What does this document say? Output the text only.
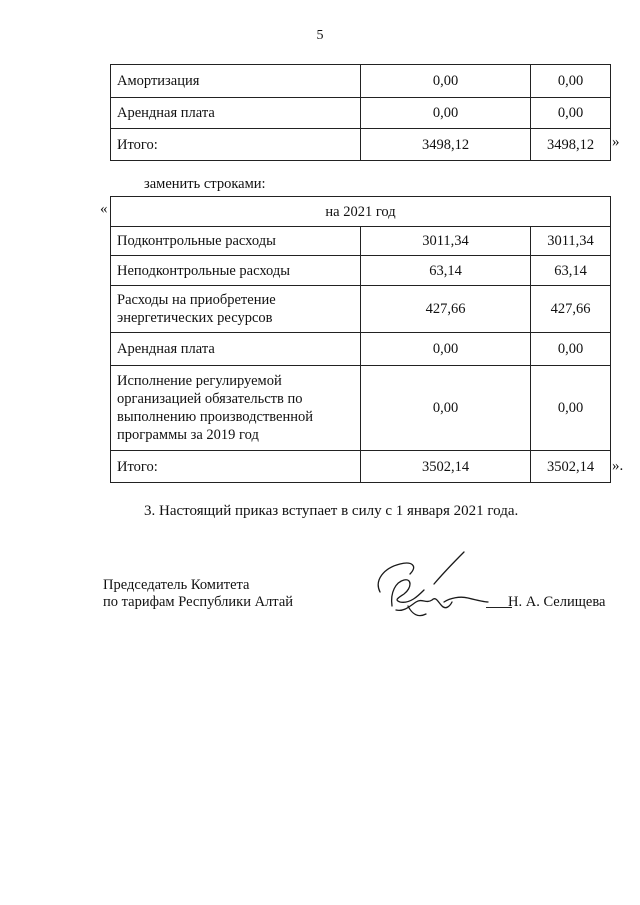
5
Амортизация	0,00	0,00
Арендная плата	0,00	0,00
Итого:	3498,12	3498,12 »
заменить строками:
«	на 2021 год		
Подконтрольные расходы	3011,34	3011,34
Неподконтрольные расходы	63,14	63,14
Расходы на приобретение энергетических ресурсов	427,66	427,66
Арендная плата	0,00	0,00
Исполнение регулируемой организацией обязательств по выполнению производственной программы за 2019 год	0,00	0,00
Итого:	3502,14	3502,14 ».
3. Настоящий приказ вступает в силу с 1 января 2021 года.
Председатель Комитета
по тарифам Республики Алтай	Н. А. Селищева
